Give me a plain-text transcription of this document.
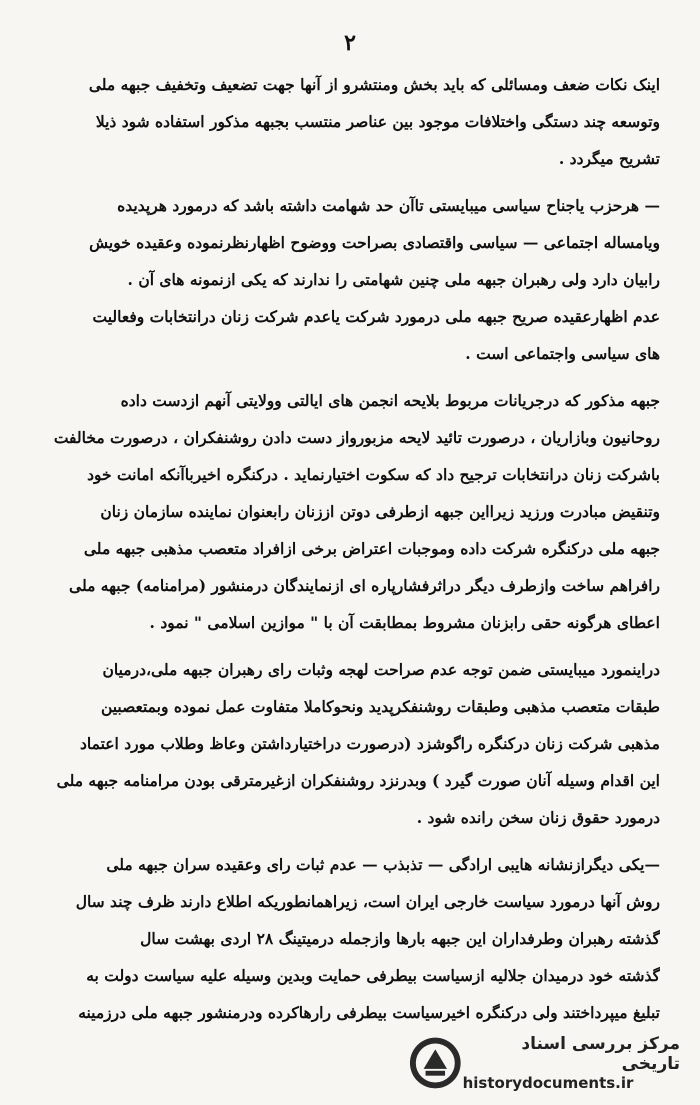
۲
اینک نکات ضعف ومسائلی که باید بخش ومنتشرو از آنها جهت تضعیف وتخفیف جبهه ملی
وتوسعه چند دستگی واختلافات موجود بین عناصر منتسب بجبهه مذکور استفاده شود ذیلا
تشریح میگردد .
— هرحزب یاجناح سیاسی میبایستی تاآن حد شهامت داشته باشد که درمورد هرپدیده
ویامساله اجتماعی — سیاسی واقتصادی بصراحت ووضوح اظهارنظرنموده وعقیده خویش
رابیان دارد ولی رهبران جبهه ملی چنین شهامتی را ندارند که یکی ازنمونه های آن .
عدم اظهارعقیده صریح جبهه ملی درمورد شرکت یاعدم شرکت زنان درانتخابات وفعالیت
های سیاسی واجتماعی است .
جبهه مذکور که درجریانات مربوط بلایحه انجمن های ایالتی وولایتی آنهم ازدست داده
روحانیون وبازاریان ، درصورت تائید لایحه مزبورواز دست دادن روشنفکران ، درصورت مخالفت
باشرکت زنان درانتخابات ترجیح داد که سکوت اختیارنماید . درکنگره اخیرباآنکه امانت خود
وتنقیض مبادرت ورزید زیرااین جبهه ازطرفی دوتن اززنان رابعنوان نماینده سازمان زنان
جبهه ملی درکنگره شرکت داده وموجبات اعتراض برخی ازافراد متعصب مذهبی جبهه ملی
رافراهم ساخت وازطرف دیگر دراثرفشارپاره ای ازنمایندگان درمنشور (مرامنامه) جبهه ملی
اعطای هرگونه حقی رابزنان مشروط بمطابقت آن با " موازین اسلامی " نمود .
دراینمورد میبایستی ضمن توجه عدم صراحت لهجه وثبات رای رهبران جبهه ملی،درمیان
طبقات متعصب مذهبی وطبقات روشنفکرپدید ونحوکاملا متفاوت عمل نموده وبمتعصبین
مذهبی شرکت زنان درکنگره راگوشزد (درصورت دراختیارداشتن وعاظ وطلاب مورد اعتماد
این اقدام وسیله آنان صورت گیرد ) وبدرنزد روشنفکران ازغیرمترقی بودن مرامنامه جبهه ملی
درمورد حقوق زنان سخن رانده شود .
—یکی دیگرازنشانه هایبی ارادگی — تذبذب — عدم ثبات رای وعقیده سران جبهه ملی
روش آنها درمورد سیاست خارجی ایران است، زیراهمانطوریکه اطلاع دارند ظرف چند سال
گذشته رهبران وطرفداران این جبهه بارها وازجمله درمیتینگ ۲۸ اردی بهشت سال
گذشته خود درمیدان جلالیه ازسیاست بیطرفی حمایت وبدین وسیله علیه سیاست دولت به
تبلیغ میپرداختند ولی درکنگره اخیرسیاست بیطرفی رارهاکرده ودرمنشور جبهه ملی درزمینه
مرکز بررسی اسناد تاریخی
historydocuments.ir
